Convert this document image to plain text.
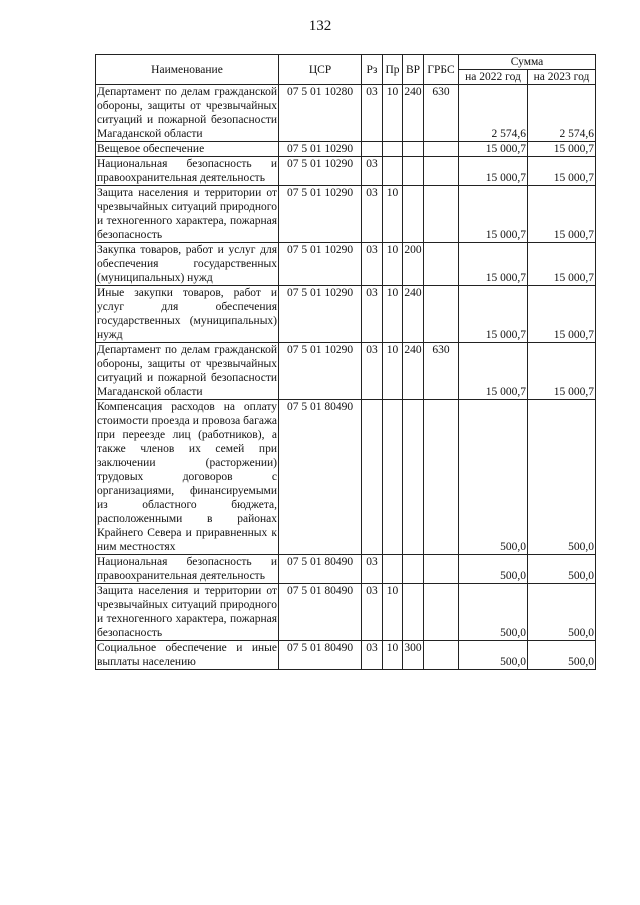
132
Наименование	ЦСР	Рз	Пр	ВР	ГРБС	Сумма	
						на 2022 год	на 2023 год
Департамент по делам гражданской обороны, защиты от чрезвычайных ситуаций и пожарной безопасности Магаданской области	07 5 01 10280	03	10	240	630	2 574,6	2 574,6
Вещевое обеспечение	07 5 01 10290					15 000,7	15 000,7
Национальная безопасность и правоохранительная деятельность	07 5 01 10290	03				15 000,7	15 000,7
Защита населения и территории от чрезвычайных ситуаций природного и техногенного характера, пожарная безопасность	07 5 01 10290	03	10			15 000,7	15 000,7
Закупка товаров, работ и услуг для обеспечения государственных (муниципальных) нужд	07 5 01 10290	03	10	200		15 000,7	15 000,7
Иные закупки товаров, работ и услуг для обеспечения государственных (муниципальных) нужд	07 5 01 10290	03	10	240		15 000,7	15 000,7
Департамент по делам гражданской обороны, защиты от чрезвычайных ситуаций и пожарной безопасности Магаданской области	07 5 01 10290	03	10	240	630	15 000,7	15 000,7
Компенсация расходов на оплату стоимости проезда и провоза багажа при переезде лиц (работников), а также членов их семей при заключении (расторжении) трудовых договоров с организациями, финансируемыми из областного бюджета, расположенными в районах Крайнего Севера и приравненных к ним местностях	07 5 01 80490					500,0	500,0
Национальная безопасность и правоохранительная деятельность	07 5 01 80490	03				500,0	500,0
Защита населения и территории от чрезвычайных ситуаций природного и техногенного характера, пожарная безопасность	07 5 01 80490	03	10			500,0	500,0
Социальное обеспечение и иные выплаты населению	07 5 01 80490	03	10	300		500,0	500,0
